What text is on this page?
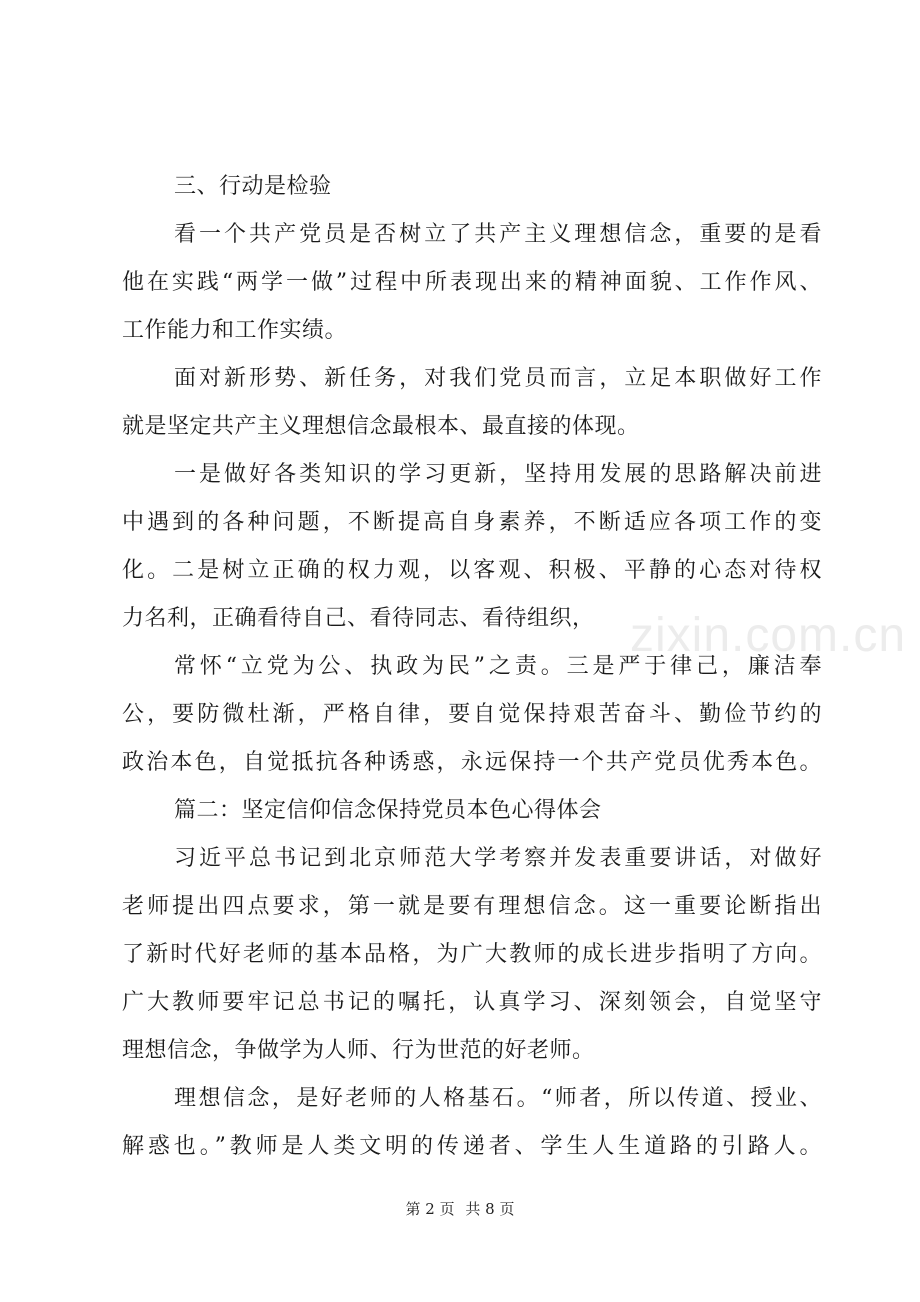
zixin.com.cn
三、行动是检验
看一个共产党员是否树立了共产主义理想信念，重要的是看
他在实践“两学一做”过程中所表现出来的精神面貌、工作作风、
工作能力和工作实绩。
面对新形势、新任务，对我们党员而言，立足本职做好工作
就是坚定共产主义理想信念最根本、最直接的体现。
一是做好各类知识的学习更新，坚持用发展的思路解决前进
中遇到的各种问题，不断提高自身素养，不断适应各项工作的变
化。二是树立正确的权力观，以客观、积极、平静的心态对待权
力名利，正确看待自己、看待同志、看待组织，
常怀“立党为公、执政为民”之责。三是严于律己，廉洁奉
公，要防微杜渐，严格自律，要自觉保持艰苦奋斗、勤俭节约的
政治本色，自觉抵抗各种诱惑，永远保持一个共产党员优秀本色。
篇二：坚定信仰信念保持党员本色心得体会
习近平总书记到北京师范大学考察并发表重要讲话，对做好
老师提出四点要求，第一就是要有理想信念。这一重要论断指出
了新时代好老师的基本品格，为广大教师的成长进步指明了方向。
广大教师要牢记总书记的嘱托，认真学习、深刻领会，自觉坚守
理想信念，争做学为人师、行为世范的好老师。
理想信念，是好老师的人格基石。“师者，所以传道、授业、
解惑也。”教师是人类文明的传递者、学生人生道路的引路人。
第 2 页 共 8 页
